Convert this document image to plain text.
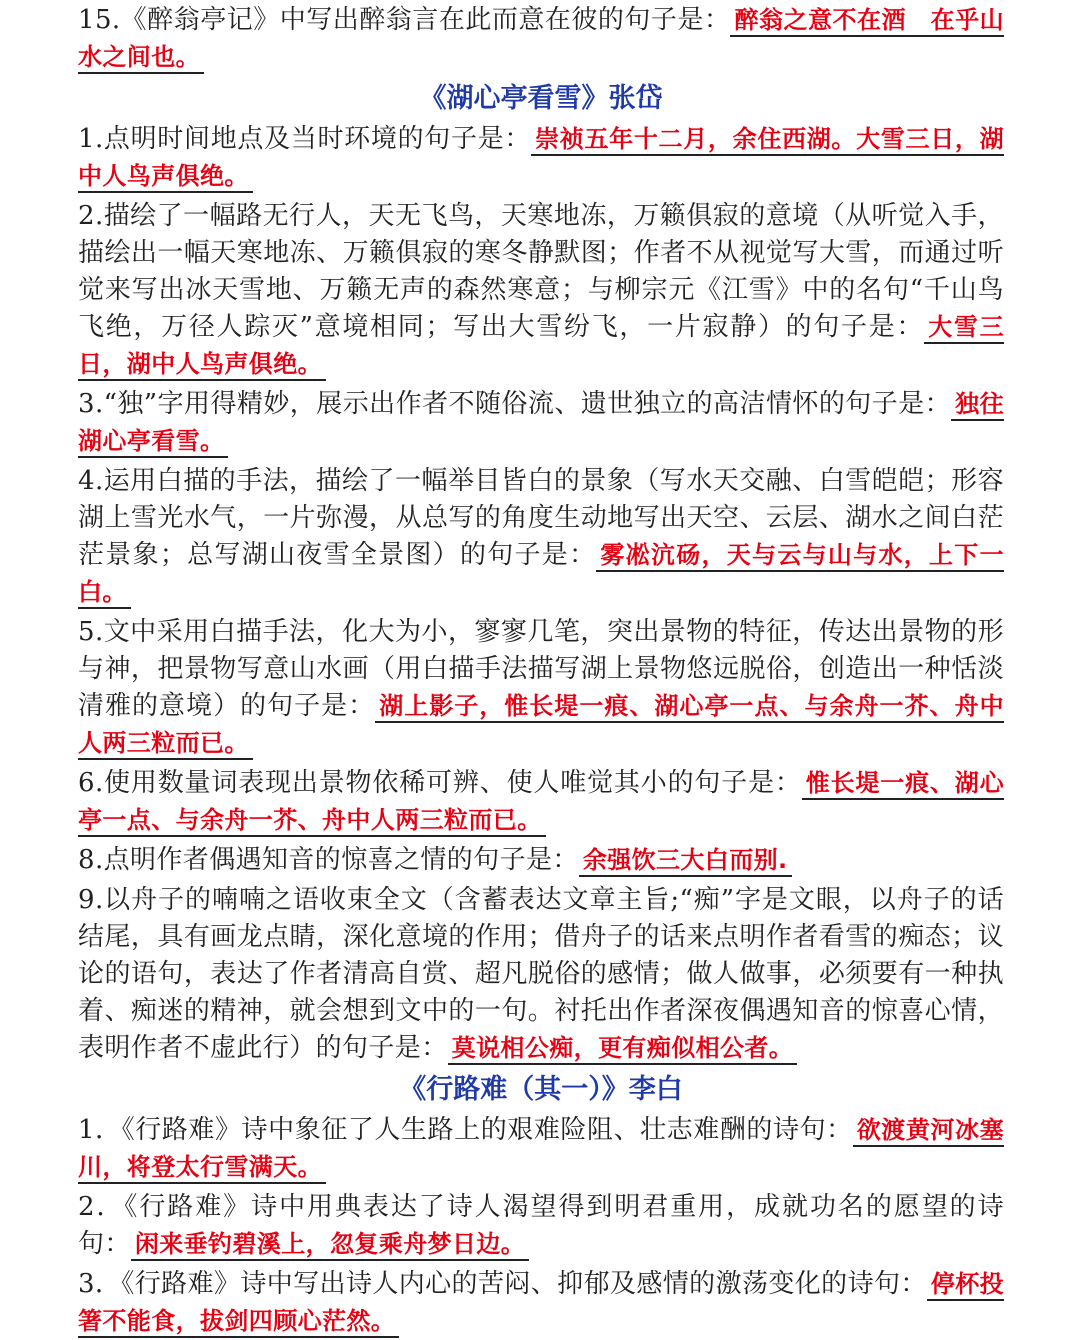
15.《醉翁亭记》中写出醉翁言在此而意在彼的句子是： 醉翁之意不在酒　在乎山水之间也。

《湖心亭看雪》张岱

1.点明时间地点及当时环境的句子是： 崇祯五年十二月，余住西湖。大雪三日，湖中人鸟声俱绝。

2.描绘了一幅路无行人，天无飞鸟，天寒地冻，万籁俱寂的意境（从听觉入手，描绘出一幅天寒地冻、万籁俱寂的寒冬静默图；作者不从视觉写大雪，而通过听觉来写出冰天雪地、万籁无声的森然寒意；与柳宗元《江雪》中的名句“千山鸟飞绝，万径人踪灭”意境相同；写出大雪纷飞，一片寂静）的句子是： 大雪三日，湖中人鸟声俱绝。

3.“独”字用得精妙，展示出作者不随俗流、遗世独立的高洁情怀的句子是： 独往湖心亭看雪。

4.运用白描的手法，描绘了一幅举目皆白的景象（写水天交融、白雪皑皑；形容湖上雪光水气，一片弥漫，从总写的角度生动地写出天空、云层、湖水之间白茫茫景象；总写湖山夜雪全景图）的句子是： 雾凇沆砀，天与云与山与水，上下一白。

5.文中采用白描手法，化大为小，寥寥几笔，突出景物的特征，传达出景物的形与神，把景物写意山水画（用白描手法描写湖上景物悠远脱俗，创造出一种恬淡清雅的意境）的句子是： 湖上影子，惟长堤一痕、湖心亭一点、与余舟一芥、舟中人两三粒而已。

6.使用数量词表现出景物依稀可辨、使人唯觉其小的句子是： 惟长堤一痕、湖心亭一点、与余舟一芥、舟中人两三粒而已。

8.点明作者偶遇知音的惊喜之情的句子是： 余强饮三大白而别.

9.以舟子的喃喃之语收束全文（含蓄表达文章主旨;“痴”字是文眼，以舟子的话结尾，具有画龙点睛，深化意境的作用；借舟子的话来点明作者看雪的痴态；议论的语句，表达了作者清高自赏、超凡脱俗的感情；做人做事，必须要有一种执着、痴迷的精神，就会想到文中的一句。衬托出作者深夜偶遇知音的惊喜心情，表明作者不虚此行）的句子是： 莫说相公痴，更有痴似相公者。

《行路难（其一）》李白

1．《行路难》诗中象征了人生路上的艰难险阻、壮志难酬的诗句： 欲渡黄河冰塞川，将登太行雪满天。

2．《行路难》诗中用典表达了诗人渴望得到明君重用，成就功名的愿望的诗句： 闲来垂钓碧溪上，忽复乘舟梦日边。

3．《行路难》诗中写出诗人内心的苦闷、抑郁及感情的激荡变化的诗句： 停杯投箸不能食，拔剑四顾心茫然。
